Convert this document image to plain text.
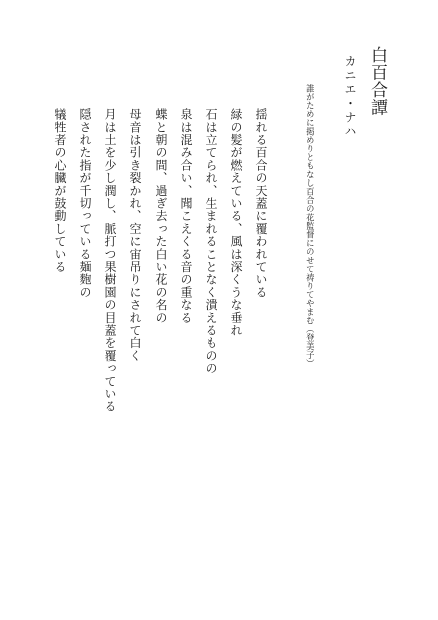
白百合譚
カニエ・ナハ
誰がために掲めりともなし百合の花監督にのせて祷りてやまむ（登美子）
揺れる百合の天蓋に覆われている
緑の髪が燃えている、風は深くうな垂れ
石は立てられ、生まれることなく潰えるものの
泉は混み合い、聞こえくる音の重なる
蝶と朝の間、過ぎ去った白い花の名の
母音は引き裂かれ、空に宙吊りにされて白く
月は土を少し潤し、脈打つ果樹園の目蓋を覆っている
隠された指が千切っている麺麭の
犠牲者の心臓が鼓動している
